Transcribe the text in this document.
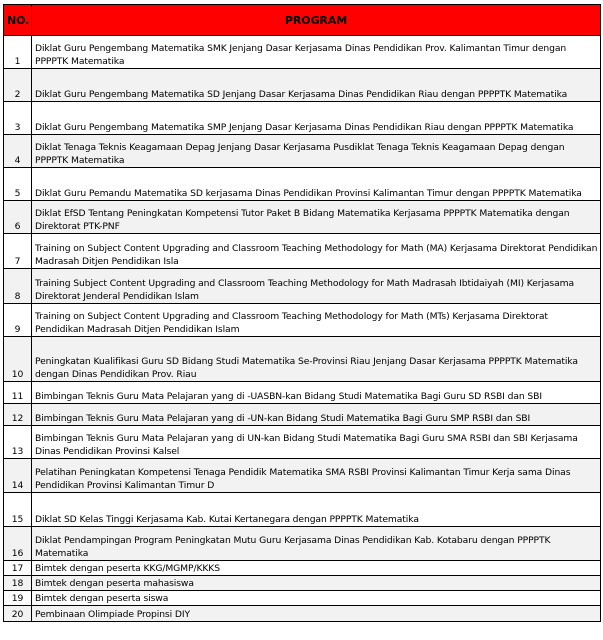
NO.	PROGRAM
1	Diklat Guru Pengembang Matematika SMK Jenjang Dasar Kerjasama Dinas Pendidikan Prov. Kalimantan Timur dengan PPPPTK Matematika
2	Diklat Guru Pengembang Matematika SD Jenjang Dasar Kerjasama Dinas Pendidikan Riau dengan PPPPTK Matematika
3	Diklat Guru Pengembang Matematika SMP Jenjang Dasar Kerjasama Dinas Pendidikan Riau dengan PPPPTK Matematika
4	Diklat Tenaga Teknis Keagamaan Depag Jenjang Dasar Kerjasama Pusdiklat Tenaga Teknis Keagamaan Depag dengan PPPPTK Matematika
5	Diklat Guru Pemandu Matematika SD kerjasama Dinas Pendidikan Provinsi Kalimantan Timur dengan PPPPTK Matematika
6	Diklat EfSD Tentang Peningkatan Kompetensi Tutor Paket B Bidang Matematika Kerjasama PPPPTK Matematika dengan Direktorat PTK-PNF
7	Training on Subject Content Upgrading and Classroom Teaching Methodology for Math (MA) Kerjasama Direktorat Pendidikan Madrasah Ditjen Pendidikan Isla
8	Training Subject Content Upgrading and Classroom Teaching Methodology for Math Madrasah Ibtidaiyah (MI) Kerjasama Direktorat Jenderal Pendidikan Islam
9	Training on Subject Content Upgrading and Classroom Teaching Methodology for Math (MTs) Kerjasama Direktorat Pendidikan Madrasah Ditjen Pendidikan Islam
10	Peningkatan Kualifikasi Guru SD Bidang Studi Matematika Se-Provinsi Riau Jenjang Dasar Kerjasama PPPPTK Matematika dengan Dinas Pendidikan Prov. Riau
11	Bimbingan Teknis Guru Mata Pelajaran yang di -UASBN-kan Bidang Studi Matematika Bagi Guru SD RSBI dan SBI
12	Bimbingan Teknis Guru Mata Pelajaran yang di -UN-kan Bidang Studi Matematika Bagi Guru SMP RSBI dan SBI
13	Bimbingan Teknis Guru Mata Pelajaran yang di UN-kan Bidang Studi Matematika Bagi Guru SMA RSBI dan SBI Kerjasama Dinas Pendidikan Provinsi Kalsel
14	Pelatihan Peningkatan Kompetensi Tenaga Pendidik Matematika SMA RSBI Provinsi Kalimantan Timur Kerja sama Dinas Pendidikan Provinsi Kalimantan Timur D
15	Diklat SD Kelas Tinggi Kerjasama Kab. Kutai Kertanegara dengan PPPPTK Matematika
16	Diklat Pendampingan Program Peningkatan Mutu Guru Kerjasama Dinas Pendidikan Kab. Kotabaru dengan PPPPTK Matematika
17	Bimtek dengan peserta KKG/MGMP/KKKS
18	Bimtek dengan peserta mahasiswa
19	Bimtek dengan peserta siswa
20	Pembinaan Olimpiade Propinsi DIY
